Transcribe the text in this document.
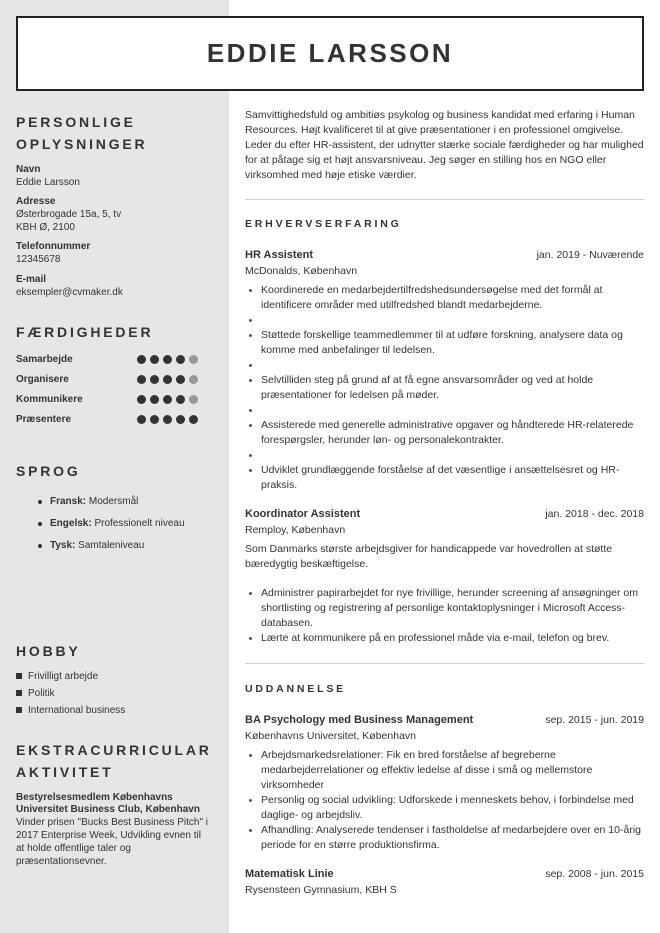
EDDIE LARSSON
PERSONLIGE OPLYSNINGER
Navn
Eddie Larsson
Adresse
Østerbrogade 15a, 5, tv
KBH Ø, 2100
Telefonnummer
12345678
E-mail
eksempler@cvmaker.dk
FÆRDIGHEDER
Samarbejde
Organisere
Kommunikere
Præsentere
SPROG
Fransk: Modersmål
Engelsk: Professionelt niveau
Tysk: Samtaleniveau
HOBBY
Frivilligt arbejde
Politik
International business
EKSTRACURRICULAR AKTIVITET
Bestyrelsesmedlem Københavns Universitet Business Club, København
Vinder prisen "Bucks Best Business Pitch" i 2017 Enterprise Week, Udvikling evnen til at holde offentlige taler og præsentationsevner.

Samvittighedsfuld og ambitiøs psykolog og business kandidat med erfaring i Human Resources. Højt kvalificeret til at give præsentationer i en professionel omgivelse. Leder du efter HR-assistent, der udnytter stærke sociale færdigheder og har mulighed for at påtage sig et højt ansvarsniveau. Jeg søger en stilling hos en NGO eller virksomhed med høje etiske værdier.

ERHVERVSERFARING
HR Assistent	jan. 2019 - Nuværende
McDonalds, København
Koordinerede en medarbejdertilfredshedsundersøgelse med det formål at identificere områder med utilfredshed blandt medarbejderne.

Støttede forskellige teammedlemmer til at udføre forskning, analysere data og komme med anbefalinger til ledelsen.

Selvtilliden steg på grund af at få egne ansvarsområder og ved at holde præsentationer for ledelsen på møder.

Assisterede med generelle administrative opgaver og håndterede HR-relaterede forespørgsler, herunder løn- og personalekontrakter.

Udviklet grundlæggende forståelse af det væsentlige i ansættelsesret og HR-praksis.
Koordinator Assistent	jan. 2018 - dec. 2018
Remploy, København

Som Danmarks største arbejdsgiver for handicappede var hovedrollen at støtte bæredygtig beskæftigelse.

Administrer papirarbejdet for nye frivillige, herunder screening af ansøgninger om shortlisting og registrering af personlige kontaktoplysninger i Microsoft Access-databasen.
Lærte at kommunikere på en professionel måde via e-mail, telefon og brev.
UDDANNELSE
BA Psychology med Business Management	sep. 2015 - jun. 2019
Københavns Universitet, København
Arbejdsmarkedsrelationer: Fik en bred forståelse af begreberne medarbejderrelationer og effektiv ledelse af disse i små og mellemstore virksomheder
Personlig og social udvikling: Udforskede i menneskets behov, i forbindelse med daglige- og arbejdsliv.
Afhandling: Analyserede tendenser i fastholdelse af medarbejdere over en 10-årig periode for en større produktionsfirma.
Matematisk Linie	sep. 2008 - jun. 2015
Rysensteen Gymnasium, KBH S
